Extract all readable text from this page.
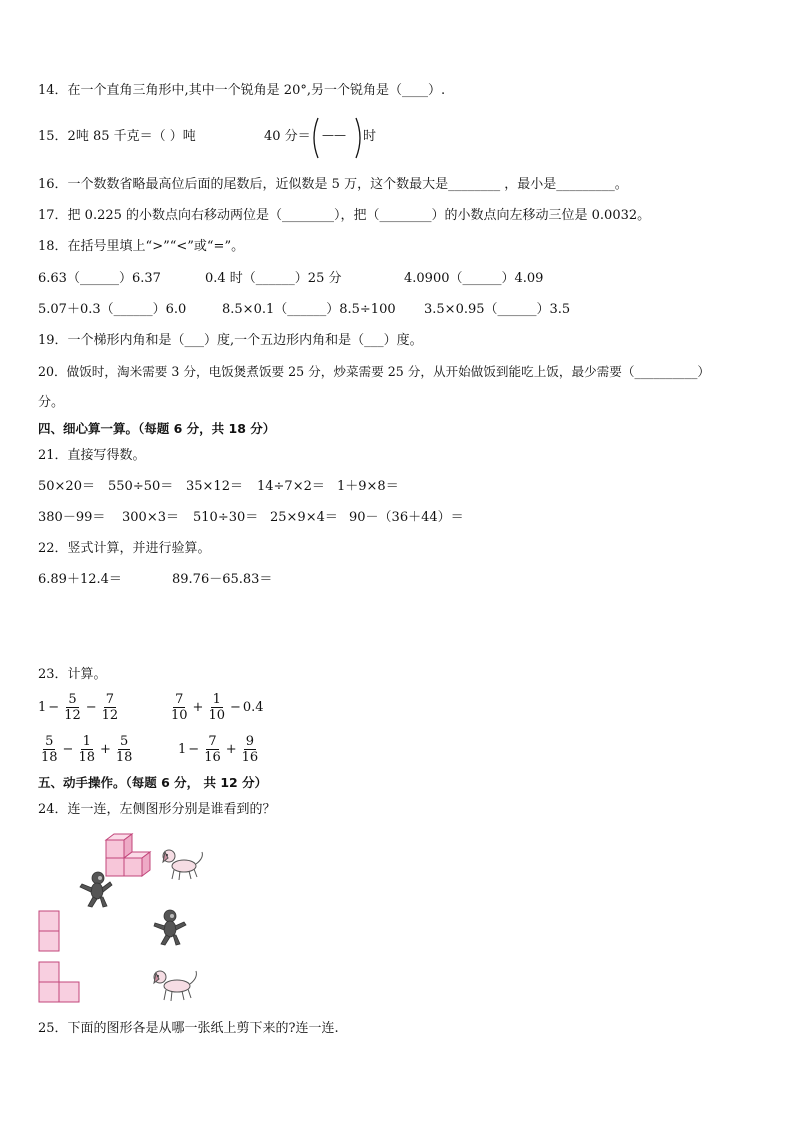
14．在一个直角三角形中,其中一个锐角是 20°,另一个锐角是（____）.
15．2吨 85 千克＝（ ）吨	40 分＝ —— 时
16．一个数数省略最高位后面的尾数后，近似数是 5 万，这个数最大是________ ，最小是_________。
17．把 0.225 的小数点向右移动两位是（________），把（________）的小数点向左移动三位是 0.0032。
18．在括号里填上“>”“<”或“=”。
6.63（______）6.37	0.4 时（______）25 分	4.0900（______）4.09
5.07＋0.3（______）6.0	8.5×0.1（______）8.5÷100 3.5×0.95（______）3.5
19．一个梯形内角和是（___）度,一个五边形内角和是（___）度。
20．做饭时，淘米需要 3 分，电饭煲煮饭要 25 分，炒菜需要 25 分，从开始做饭到能吃上饭，最少需要（__________）
分。
四、细心算一算。（每题 6 分，共 18 分）
21．直接写得数。
50×20＝ 550÷50＝ 35×12＝ 14÷7×2＝ 1＋9×8＝
380－99＝ 300×3＝ 510÷30＝ 25×9×4＝ 90－（36＋44）＝
22．竖式计算，并进行验算。
6.89＋12.4＝	89.76－65.83＝
23．计算。
$1 - \frac{5}{12} - \frac{7}{12}$	$\frac{7}{10} + \frac{1}{10} - 0.4$
$\frac{5}{18} - \frac{1}{18} + \frac{5}{18}$	$1 - \frac{7}{16} + \frac{9}{16}$
五、动手操作。（每题 6 分， 共 12 分）
24．连一连，左侧图形分别是谁看到的？
25．下面的图形各是从哪一张纸上剪下来的?连一连.
